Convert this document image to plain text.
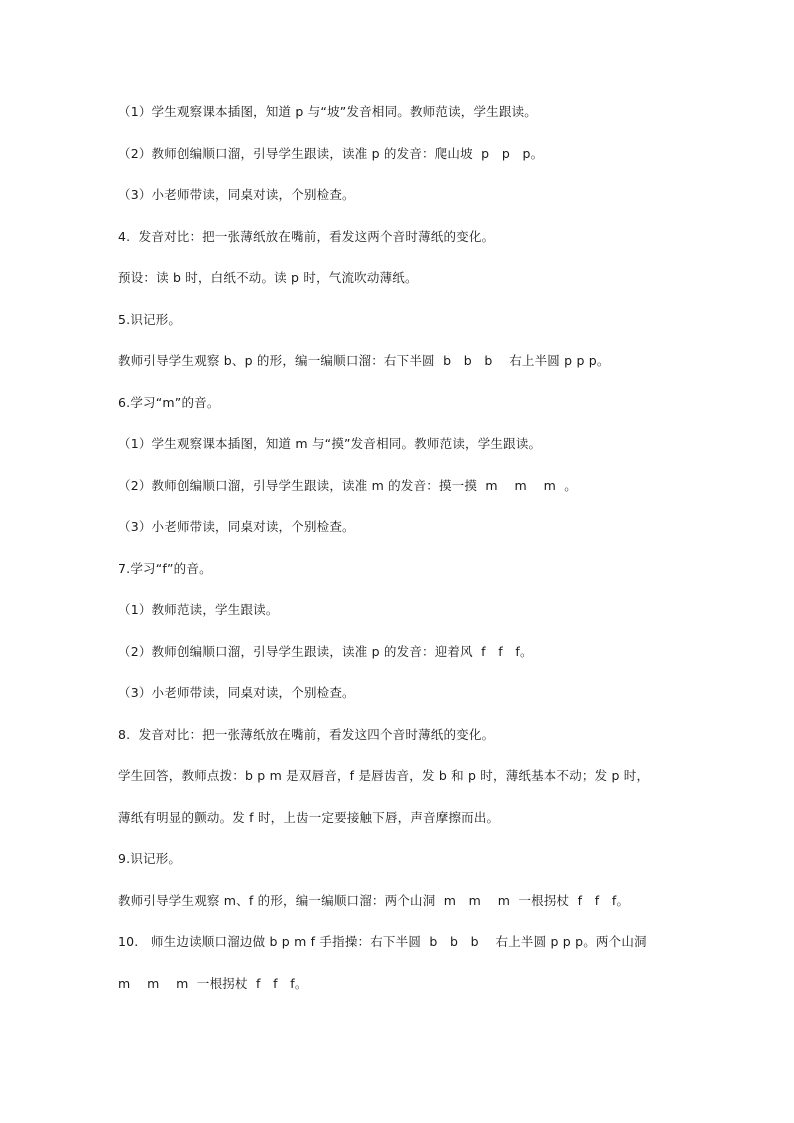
（1）学生观察课本插图，知道 p 与“坡”发音相同。教师范读，学生跟读。

（2）教师创编顺口溜，引导学生跟读，读准 p 的发音：爬山坡  p   p   p。

（3）小老师带读，同桌对读，个别检查。

4.  发音对比：把一张薄纸放在嘴前，看发这两个音时薄纸的变化。

预设：读 b 时，白纸不动。读 p 时，气流吹动薄纸。

5.识记形。

教师引导学生观察 b、p 的形，编一编顺口溜：右下半圆  b   b   b    右上半圆 p p p。

6.学习“m”的音。

（1）学生观察课本插图，知道 m 与“摸”发音相同。教师范读，学生跟读。

（2）教师创编顺口溜，引导学生跟读，读准 m 的发音：摸一摸  m    m    m  。

（3）小老师带读，同桌对读，个别检查。

7.学习“f”的音。

（1）教师范读，学生跟读。

（2）教师创编顺口溜，引导学生跟读，读准 p 的发音：迎着风  f   f   f。

（3）小老师带读，同桌对读，个别检查。

8.  发音对比：把一张薄纸放在嘴前，看发这四个音时薄纸的变化。

学生回答，教师点拨：b p m 是双唇音，f 是唇齿音，发 b 和 p 时，薄纸基本不动；发 p 时，

薄纸有明显的颤动。发 f 时，上齿一定要接触下唇，声音摩擦而出。

9.识记形。

教师引导学生观察 m、f 的形，编一编顺口溜：两个山洞  m   m    m  一根拐杖  f   f   f。

10.   师生边读顺口溜边做 b p m f 手指操：右下半圆  b   b   b    右上半圆 p p p。两个山洞

m    m    m  一根拐杖  f   f   f。
